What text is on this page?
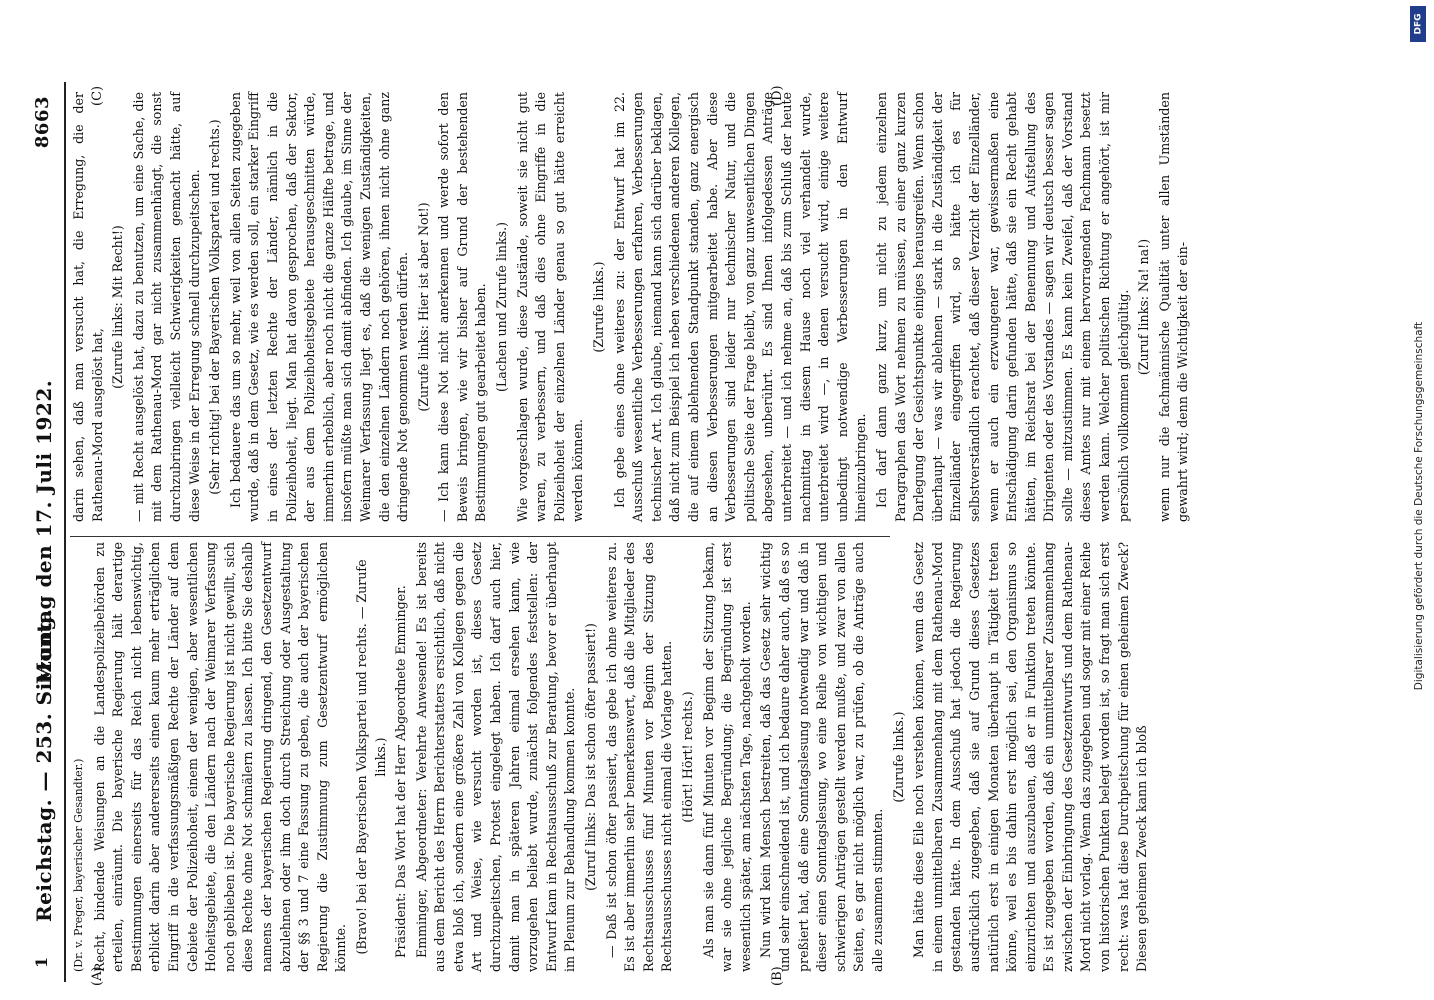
1
Reichstag. — 253. Sitzung.
Montag den 17. Juli 1922.
8663
(A)	(B)
(C)	(D)

(Dr. v. Preger, bayerischer Gesandter.) Recht, bindende Weisungen an die Landespolizeibehörden zu erteilen, einräumt. Die bayerische Regierung hält derartige Bestimmungen einerseits für das Reich nicht lebenswichtig, erblickt darin aber andererseits einen kaum mehr erträglichen Eingriff in die verfassungsmäßigen Rechte der Länder auf dem Gebiete der Polizeihoheit, einem der wenigen, aber wesentlichen Hoheitsgebiete, die den Ländern nach der Weimarer Verfassung noch geblieben ist. Die bayerische Regierung ist nicht gewillt, sich diese Rechte ohne Not schmälern zu lassen. Ich bitte Sie deshalb namens der bayerischen Regierung dringend, den Gesetzentwurf abzulehnen oder ihm doch durch Streichung oder Ausgestaltung der §§ 3 und 7 eine Fassung zu geben, die auch der bayerischen Regierung die Zustimmung zum Gesetzentwurf ermöglichen könnte. (Bravo! bei der Bayerischen Volkspartei und rechts. — Zurufe links.) Präsident: Das Wort hat der Herr Abgeordnete Emminger. Emminger, Abgeordneter: Verehrte Anwesende! Es ist bereits aus dem Bericht des Herrn Berichterstatters ersichtlich, daß nicht etwa bloß ich, sondern eine größere Zahl von Kollegen gegen die Art und Weise, wie versucht worden ist, dieses Gesetz durchzupeitschen, Protest eingelegt haben. Ich darf auch hier, damit man in späteren Jahren einmal ersehen kann, wie vorzugehen beliebt wurde, zunächst folgendes feststellen: der Entwurf kam in Rechtsausschuß zur Beratung, bevor er überhaupt im Plenum zur Behandlung kommen konnte. (Zuruf links: Das ist schon öfter passiert!) — Daß ist schon öfter passiert, das gebe ich ohne weiteres zu. Es ist aber immerhin sehr bemerkenswert, daß die Mitglieder des Rechtsausschusses fünf Minuten vor Beginn der Sitzung des Rechtsausschusses nicht einmal die Vorlage hatten. (Hört! Hört! rechts.) Als man sie dann fünf Minuten vor Beginn der Sitzung bekam, war sie ohne jegliche Begründung; die Begründung ist erst wesentlich später, am nächsten Tage, nachgeholt worden. Nun wird kein Mensch bestreiten, daß das Gesetz sehr wichtig und sehr einschneidend ist, und ich bedaure daher auch, daß es so preßiert hat, daß eine Sonntagslesung notwendig war und daß in dieser einen Sonntagslesung, wo eine Reihe von wichtigen und schwierigen Anträgen gestellt werden mußte, und zwar von allen Seiten, es gar nicht möglich war, zu prüfen, ob die Anträge auch alle zusammen stimmten.

(Zurufe links.) Man hätte diese Eile noch verstehen können, wenn das Gesetz in einem unmittelbaren Zusammenhang mit dem Rathenau-Mord gestanden hätte. In dem Ausschuß hat jedoch die Regierung ausdrücklich zugegeben, daß sie auf Grund dieses Gesetzes natürlich erst in einigen Monaten überhaupt in Tätigkeit treten könne, weil es bis dahin erst möglich sei, den Organismus so einzurichten und auszubauen, daß er in Funktion treten könnte. Es ist zugegeben worden, daß ein unmittelbarer Zusammenhang zwischen der Einbringung des Gesetzentwurfs und dem Rathenau-Mord nicht vorlag. Wenn das zugegeben und sogar mit einer Reihe von historischen Punkten belegt worden ist, so fragt man sich erst recht: was hat diese Durchpeitschung für einen geheimen Zweck? Diesen geheimen Zweck kann ich bloß

darin sehen, daß man versucht hat, die Erregung, die der Rathenau-Mord ausgelöst hat,

(Zurufe links: Mit Recht!) — mit Recht ausgelöst hat, dazu zu benutzen, um eine Sache, die mit dem Rathenau-Mord gar nicht zusammenhängt, die sonst durchzubringen vielleicht Schwierigkeiten gemacht hätte, auf diese Weise in der Erregung schnell durchzupeitschen. (Sehr richtig! bei der Bayerischen Volkspartei und rechts.) Ich bedauere das um so mehr, weil von allen Seiten zugegeben wurde, daß in dem Gesetz, wie es werden soll, ein starker Eingriff in eines der letzten Rechte der Länder, nämlich in die Polizeihoheit, liegt. Man hat davon gesprochen, daß der Sektor, der aus dem Polizeihoheitsgebiete herausgeschnitten würde, immerhin erheblich, aber noch nicht die ganze Hälfte betrage, und insofern müßte man sich damit abfinden. Ich glaube, im Sinne der Weimarer Verfassung liegt es, daß die wenigen Zuständigkeiten, die den einzelnen Ländern noch gehören, ihnen nicht ohne ganz dringende Not genommen werden dürfen. (Zurufe links: Hier ist aber Not!) — Ich kann diese Not nicht anerkennen und werde sofort den Beweis bringen, wie wir bisher auf Grund der bestehenden Bestimmungen gut gearbeitet haben. (Lachen und Zurufe links.) Wie vorgeschlagen wurde, diese Zustände, soweit sie nicht gut waren, zu verbessern, und daß dies ohne Eingriffe in die Polizeihoheit der einzelnen Länder genau so gut hätte erreicht werden können.

(Zurufe links.) Ich gebe eines ohne weiteres zu: der Entwurf hat im 22. Ausschuß wesentliche Verbesserungen erfahren, Verbesserungen technischer Art. Ich glaube, niemand kann sich darüber beklagen, daß nicht zum Beispiel ich neben verschiedenen anderen Kollegen, die auf einem ablehnenden Standpunkt standen, ganz energisch an diesen Verbesserungen mitgearbeitet habe. Aber diese Verbesserungen sind leider nur technischer Natur, und die politische Seite der Frage bleibt, von ganz unwesentlichen Dingen abgesehen, unberührt. Es sind Ihnen infolgedessen Anträge unterbreitet — und ich nehme an, daß bis zum Schluß der heute nachmittag in diesem Hause noch viel verhandelt wurde, unterbreitet wird —, in denen versucht wird, einige weitere unbedingt notwendige Verbesserungen in den Entwurf hineinzubringen. Ich darf dann ganz kurz, um nicht zu jedem einzelnen Paragraphen das Wort nehmen zu müssen, zu einer ganz kurzen Darlegung der Gesichtspunkte einiges herausgreifen. Wenn schon überhaupt — was wir ablehnen — stark in die Zuständigkeit der Einzelländer eingegriffen wird, so hätte ich es für selbstverständlich erachtet, daß dieser Verzicht der Einzelländer, wenn er auch ein erzwungener war, gewissermaßen eine Entschädigung darin gefunden hätte, daß sie ein Recht gehabt hätten, im Reichsrat bei der Benennung und Aufstellung des Dirigenten oder des Vorstandes — sagen wir deutsch besser sagen sollte — mitzustimmen. Es kann kein Zweifel, daß der Vorstand dieses Amtes nur mit einem hervorragenden Fachmann besetzt werden kann. Welcher politischen Richtung er angehört, ist mir persönlich vollkommen gleichgültig. (Zuruf links: Na! na!) wenn nur die fachmännische Qualität unter allen Umständen gewahrt wird; denn die Wichtigkeit der ein-

DFG
Digitalisierung gefördert durch die Deutsche Forschungsgemeinschaft
